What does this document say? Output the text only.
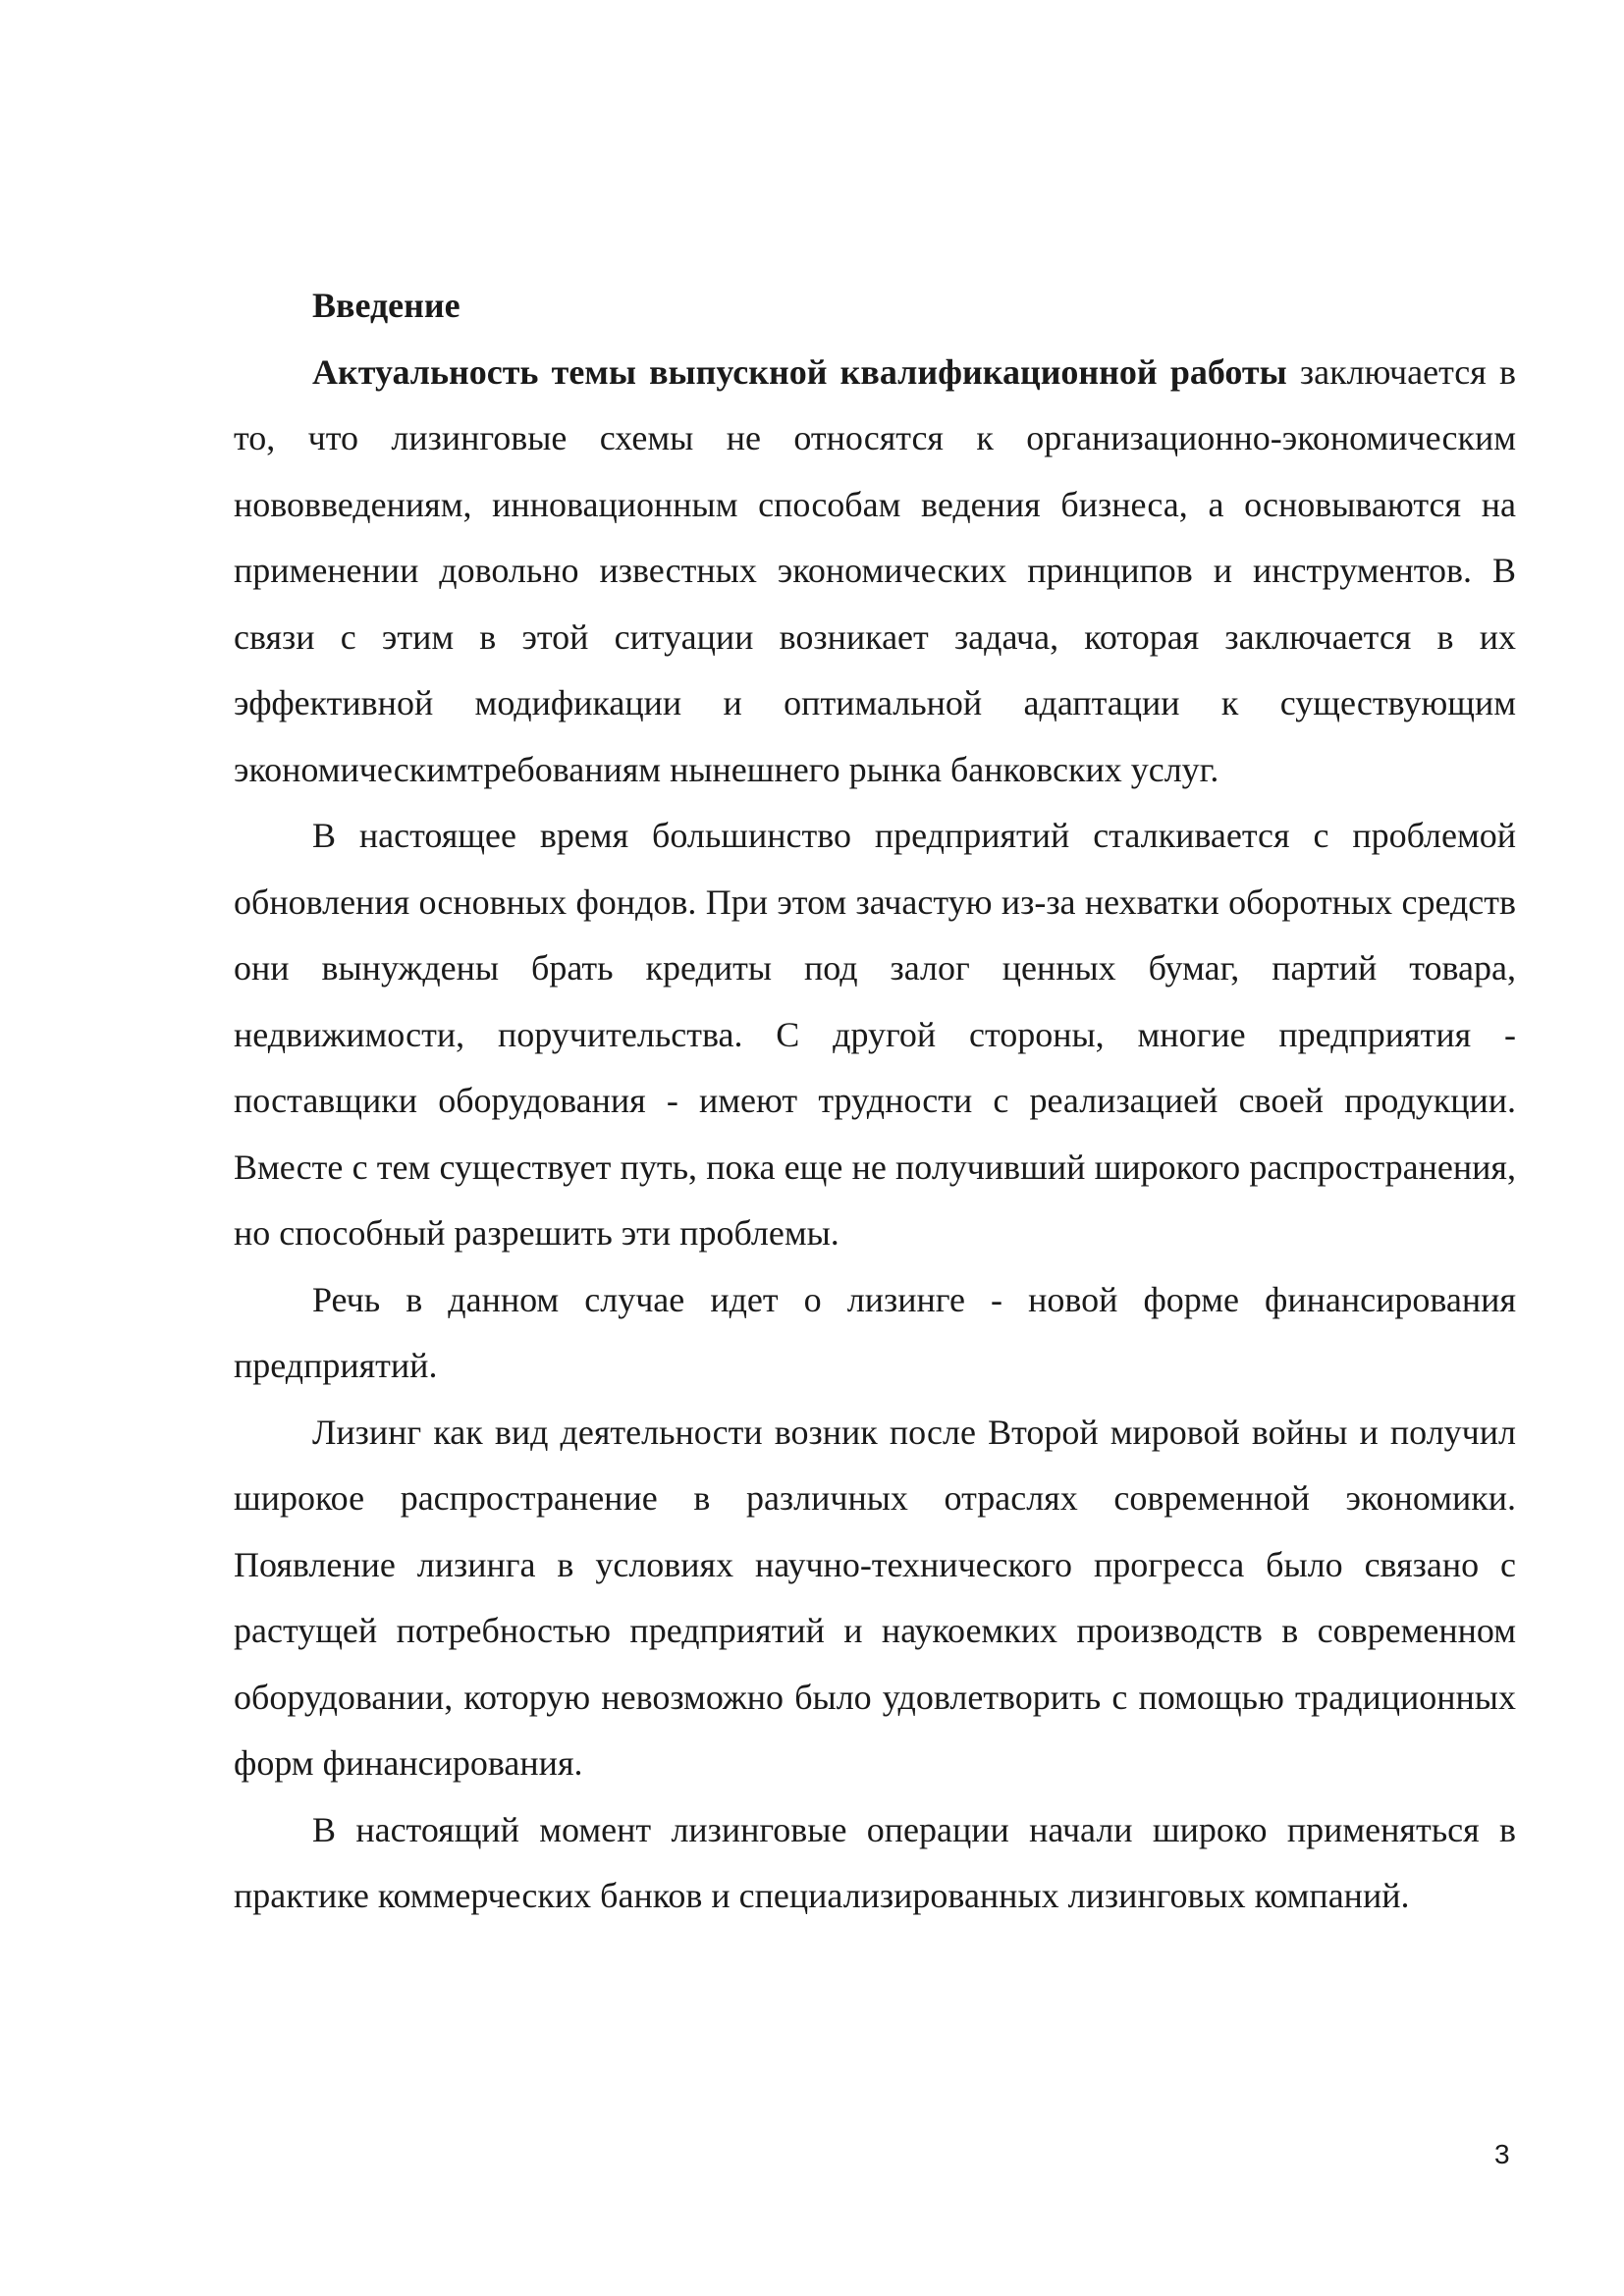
Введение

Актуальность темы выпускной квалификационной работы заключается в то, что лизинговые схемы не относятся к организационно-экономическим нововведениям, инновационным способам ведения бизнеса, а основываются на применении довольно известных экономических принципов и инструментов. В связи с этим в этой ситуации возникает задача, которая заключается в их эффективной модификации и оптимальной адаптации к существующим экономическимтребованиям нынешнего рынка банковских услуг.

В настоящее время большинство предприятий сталкивается с проблемой обновления основных фондов. При этом зачастую из-за нехватки оборотных средств они вынуждены брать кредиты под залог ценных бумаг, партий товара, недвижимости, поручительства. С другой стороны, многие предприятия - поставщики оборудования - имеют трудности с реализацией своей продукции. Вместе с тем существует путь, пока еще не получивший широкого распространения, но способный разрешить эти проблемы.

Речь в данном случае идет о лизинге - новой форме финансирования предприятий.

Лизинг как вид деятельности возник после Второй мировой войны и получил широкое распространение в различных отраслях современной экономики. Появление лизинга в условиях научно-технического прогресса было связано с растущей потребностью предприятий и наукоемких производств в современном оборудовании, которую невозможно было удовлетворить с помощью традиционных форм финансирования.

В настоящий момент лизинговые операции начали широко применяться в практике коммерческих банков и специализированных лизинговых компаний.

3
